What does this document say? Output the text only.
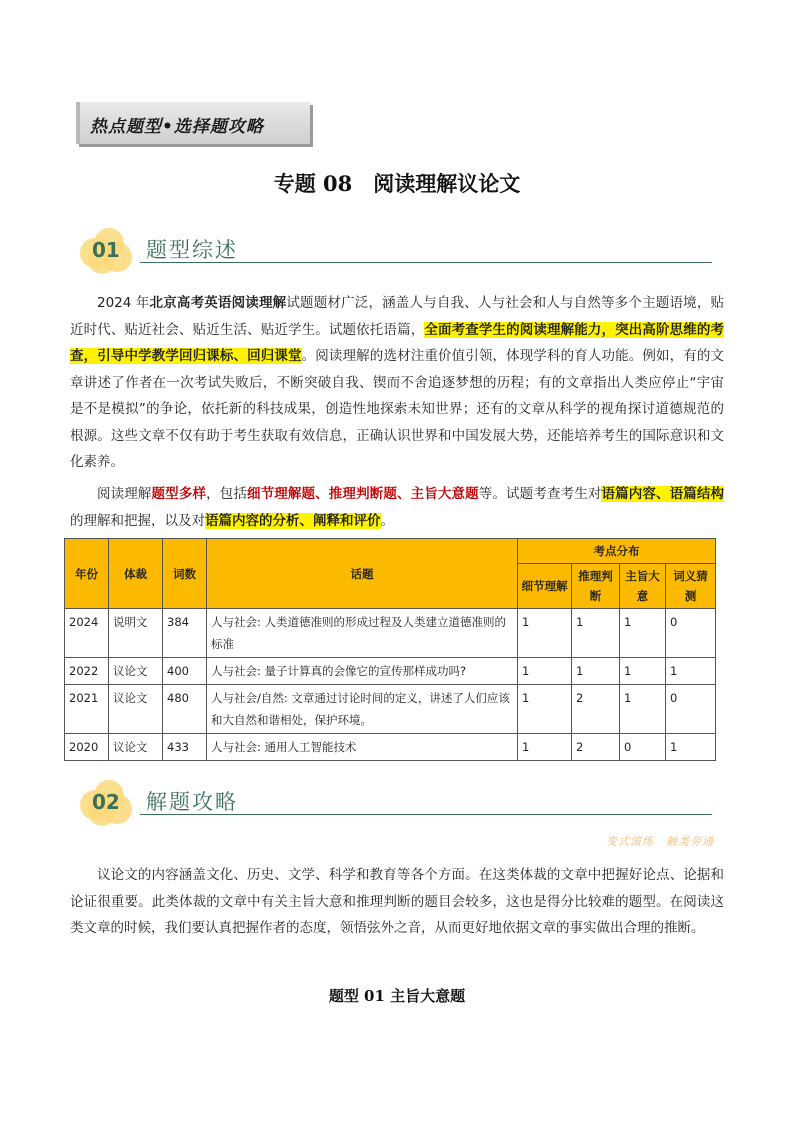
热点题型•选择题攻略
专题 08　阅读理解议论文
01 题型综述

2024 年北京高考英语阅读理解试题题材广泛，涵盖人与自我、人与社会和人与自然等多个主题语境，贴近时代、贴近社会、贴近生活、贴近学生。试题依托语篇，全面考查学生的阅读理解能力，突出高阶思维的考查，引导中学教学回归课标、回归课堂。阅读理解的选材注重价值引领，体现学科的育人功能。例如，有的文章讲述了作者在一次考试失败后，不断突破自我、锲而不舍追逐梦想的历程；有的文章指出人类应停止“宇宙是不是模拟”的争论，依托新的科技成果，创造性地探索未知世界；还有的文章从科学的视角探讨道德规范的根源。这些文章不仅有助于考生获取有效信息，正确认识世界和中国发展大势，还能培养考生的国际意识和文化素养。

阅读理解题型多样，包括细节理解题、推理判断题、主旨大意题等。试题考查考生对语篇内容、语篇结构的理解和把握，以及对语篇内容的分析、阐释和评价。

年份	体裁	词数	话题	考点分布			
				细节理解	推理判断	主旨大意	词义猜测
2024	说明文	384	人与社会: 人类道德准则的形成过程及人类建立道德准则的标准	1	1	1	0
2022	议论文	400	人与社会: 量子计算真的会像它的宣传那样成功吗?	1	1	1	1
2021	议论文	480	人与社会/自然: 文章通过讨论时间的定义，讲述了人们应该和大自然和谐相处，保护环境。	1	2	1	0
2020	议论文	433	人与社会: 通用人工智能技术	1	2	0	1
02 解题攻略
变式演练　触类旁通

议论文的内容涵盖文化、历史、文学、科学和教育等各个方面。在这类体裁的文章中把握好论点、论据和论证很重要。此类体裁的文章中有关主旨大意和推理判断的题目会较多，这也是得分比较难的题型。在阅读这类文章的时候，我们要认真把握作者的态度，领悟弦外之音，从而更好地依据文章的事实做出合理的推断。

题型 01 主旨大意题
